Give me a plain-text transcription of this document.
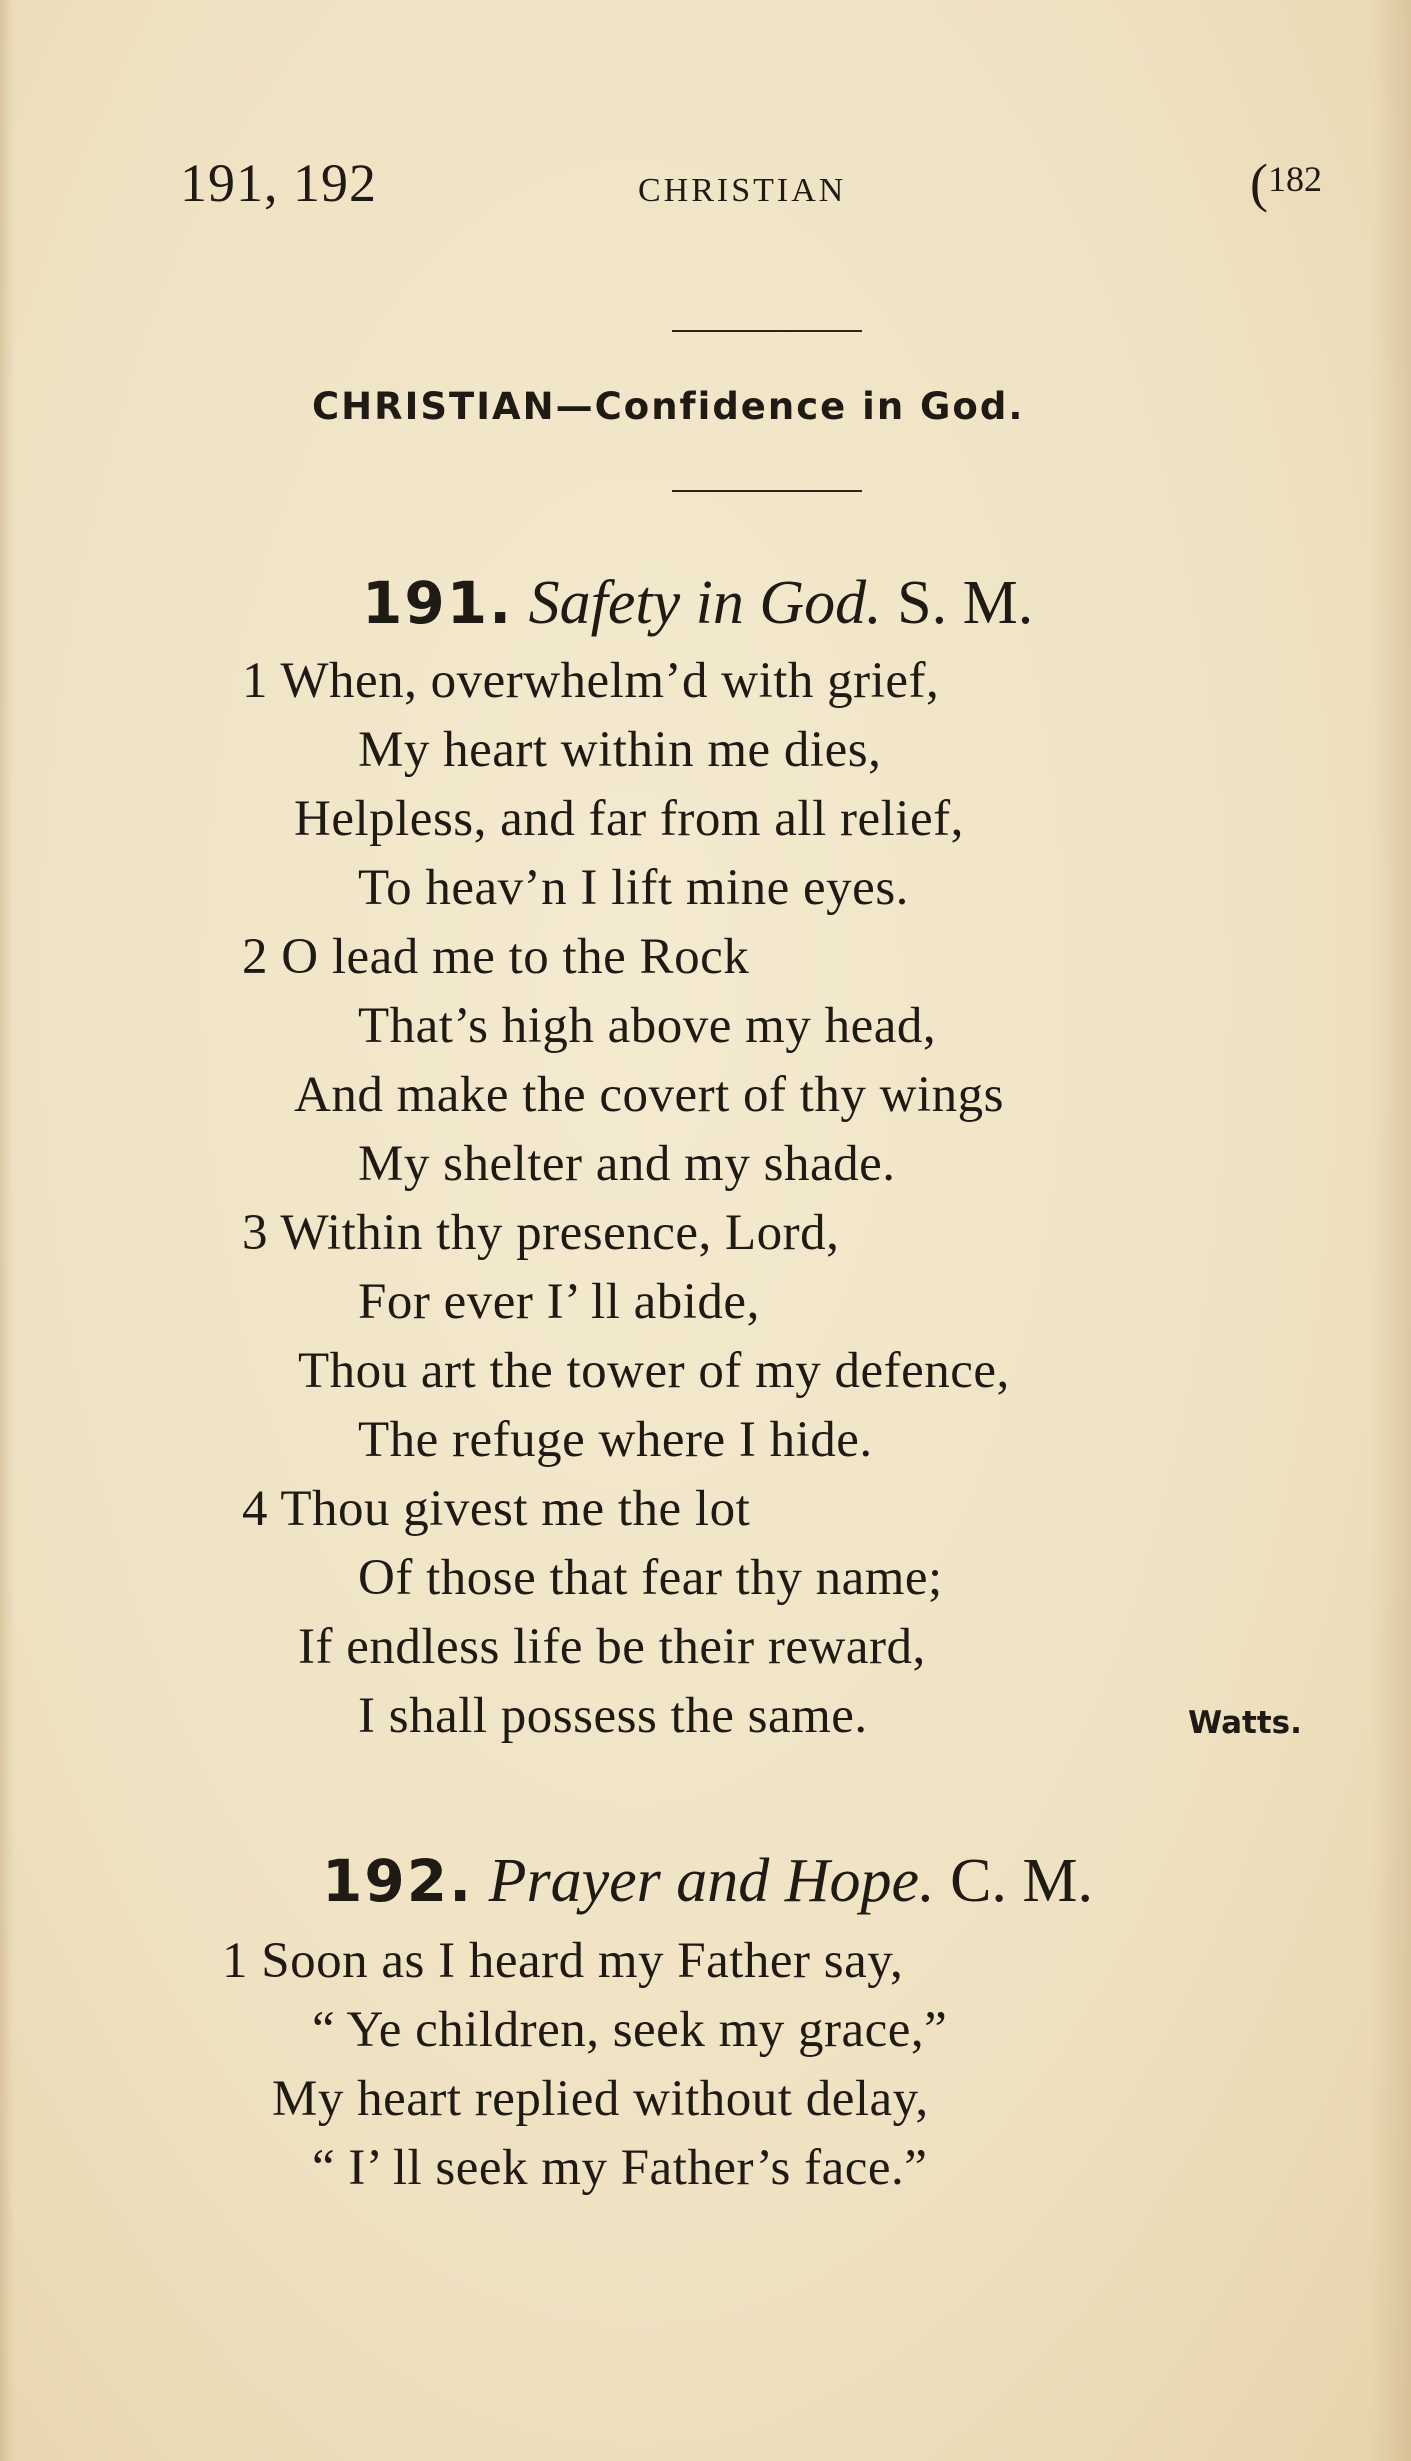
191, 192	CHRISTIAN	(182
CHRISTIAN—Confidence in God.
191. Safety in God. S. M.
1 When, overwhelm’d with grief,
My heart within me dies,
Helpless, and far from all relief,
To heav’n I lift mine eyes.
2 O lead me to the Rock
That’s high above my head,
And make the covert of thy wings
My shelter and my shade.
3 Within thy presence, Lord,
For ever I’ ll abide,
Thou art the tower of my defence,
The refuge where I hide.
4 Thou givest me the lot
Of those that fear thy name;
If endless life be their reward,
I shall possess the same.	Watts.
192. Prayer and Hope. C. M.
1 Soon as I heard my Father say,
“ Ye children, seek my grace,”
My heart replied without delay,
“ I’ ll seek my Father’s face.”
